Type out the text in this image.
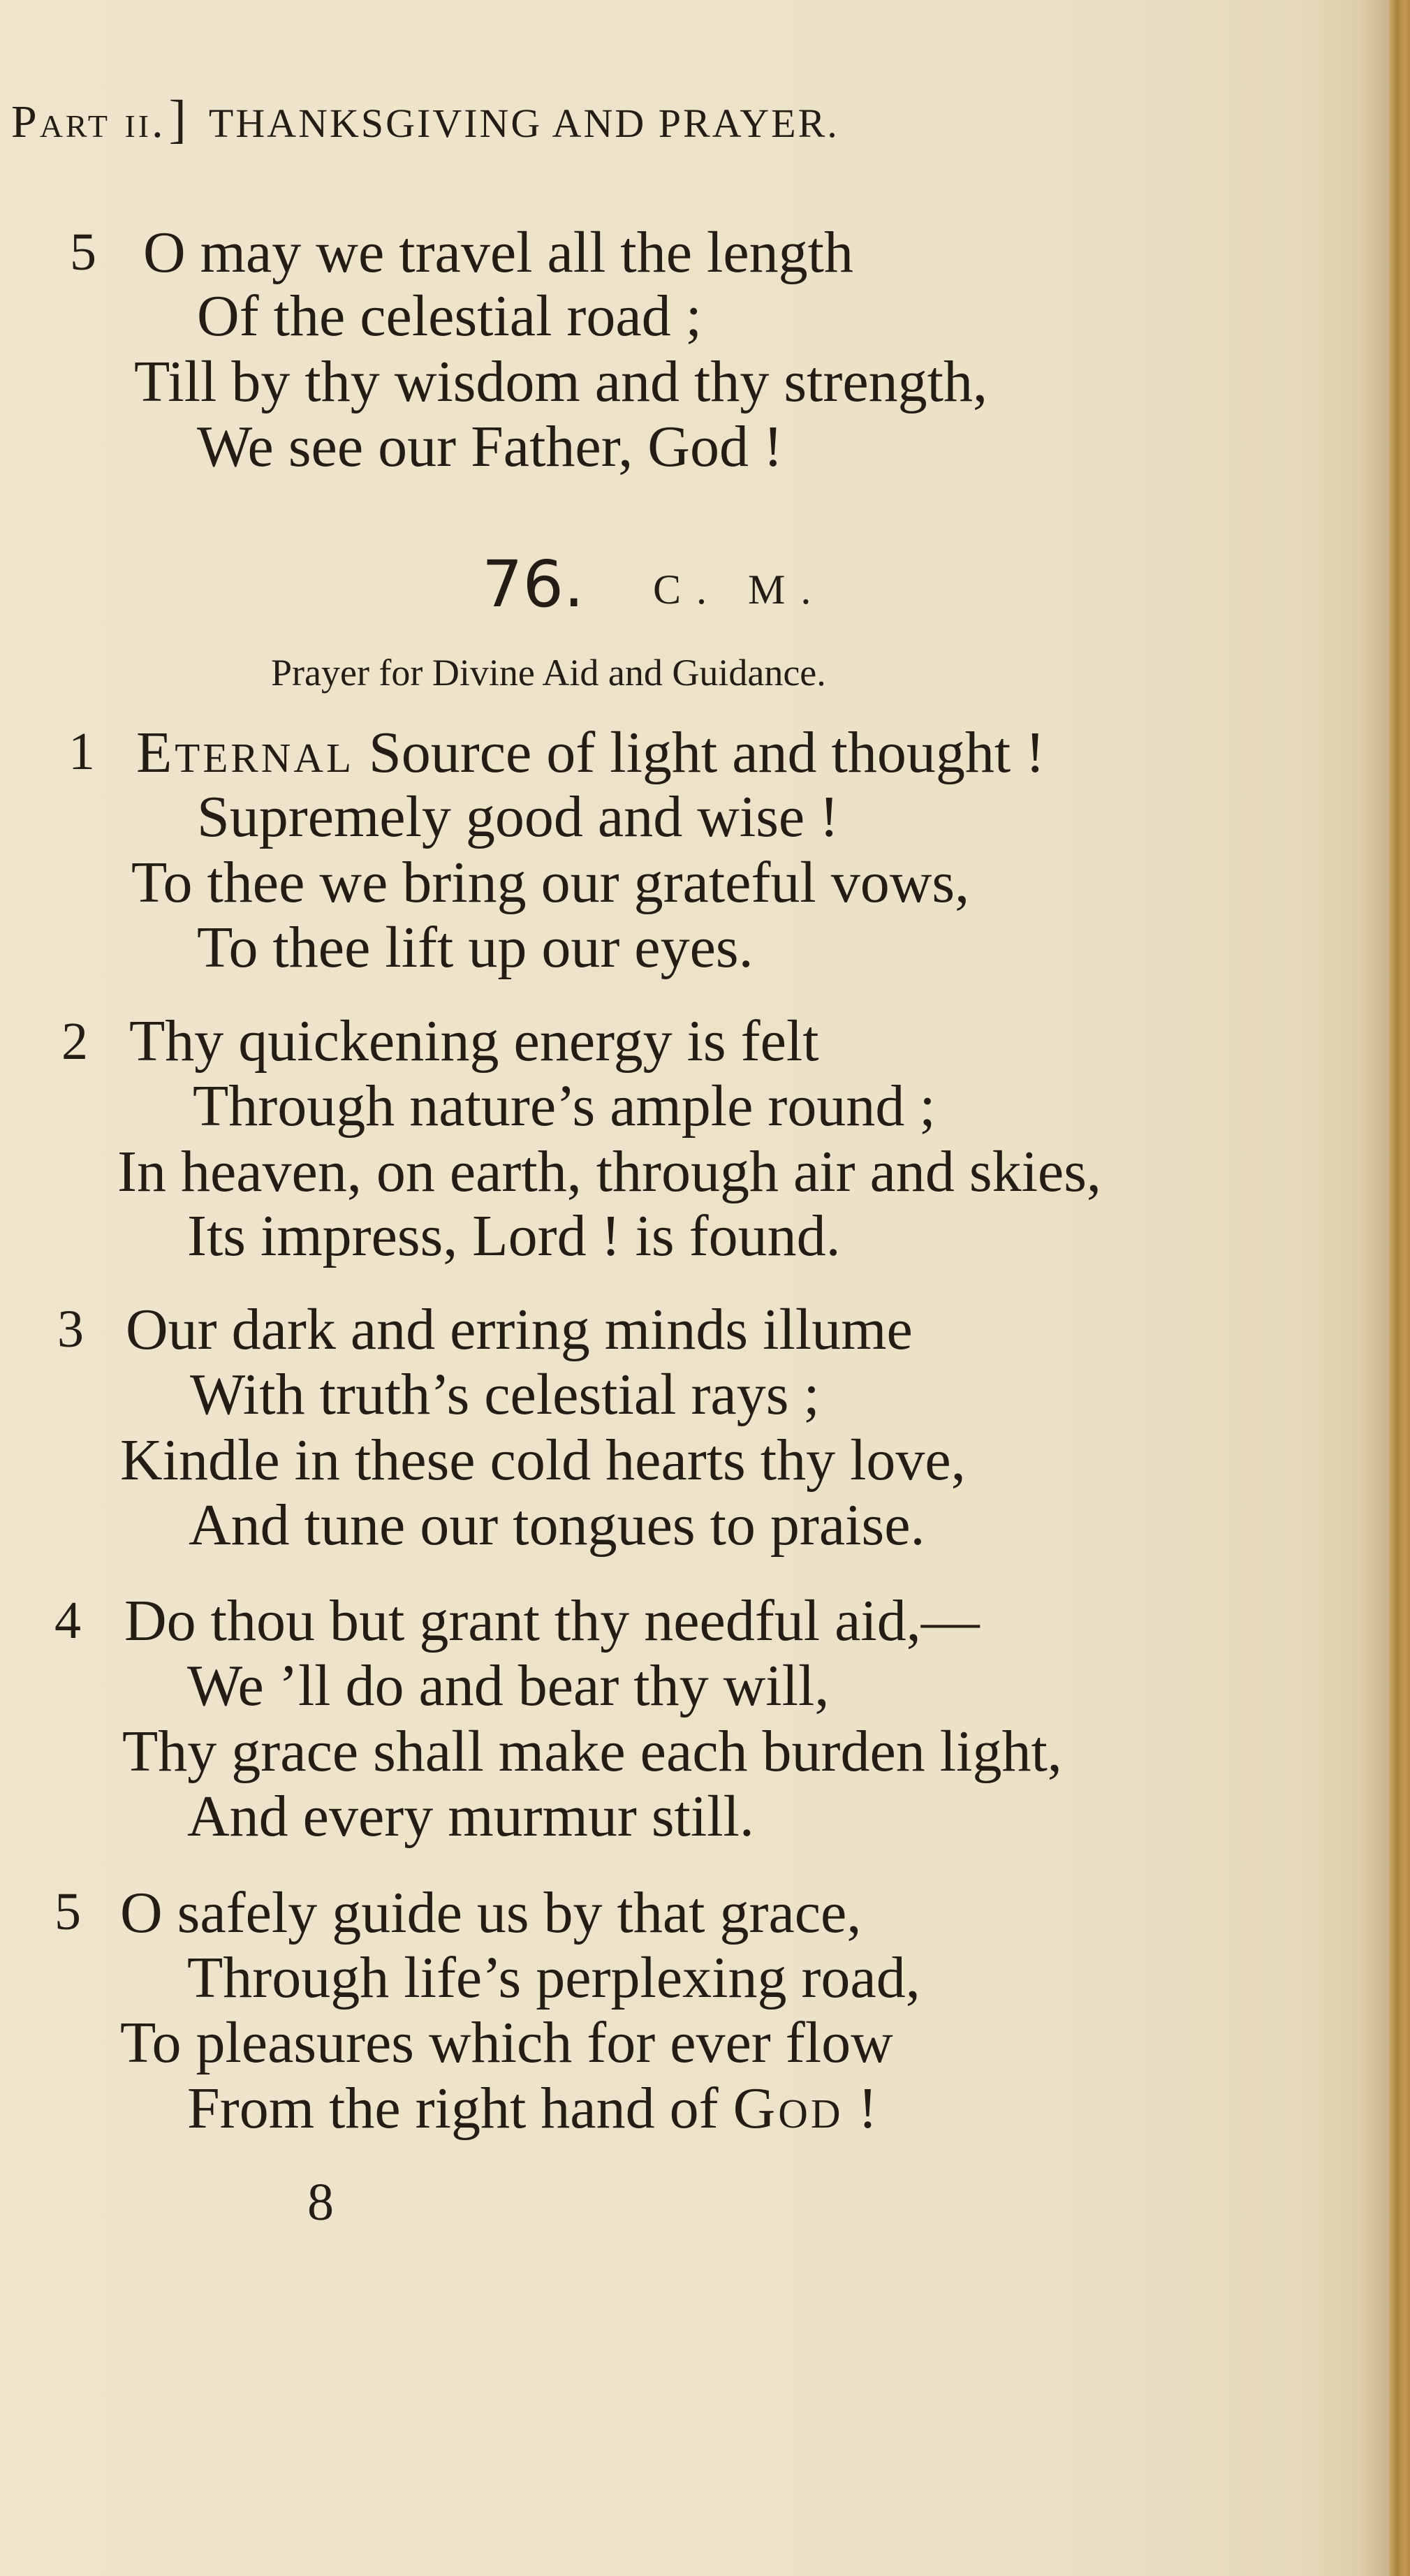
Part ii.] THANKSGIVING AND PRAYER.
5 O may we travel all the length
Of the celestial road ;
Till by thy wisdom and thy strength,
We see our Father, God !
76. C. M.
Prayer for Divine Aid and Guidance.
1 Eternal Source of light and thought !
Supremely good and wise !
To thee we bring our grateful vows,
To thee lift up our eyes.
2 Thy quickening energy is felt
Through nature’s ample round ;
In heaven, on earth, through air and skies,
Its impress, Lord ! is found.
3 Our dark and erring minds illume
With truth’s celestial rays ;
Kindle in these cold hearts thy love,
And tune our tongues to praise.
4 Do thou but grant thy needful aid,—
We ’ll do and bear thy will,
Thy grace shall make each burden light,
And every murmur still.
5 O safely guide us by that grace,
Through life’s perplexing road,
To pleasures which for ever flow
From the right hand of God !
8
